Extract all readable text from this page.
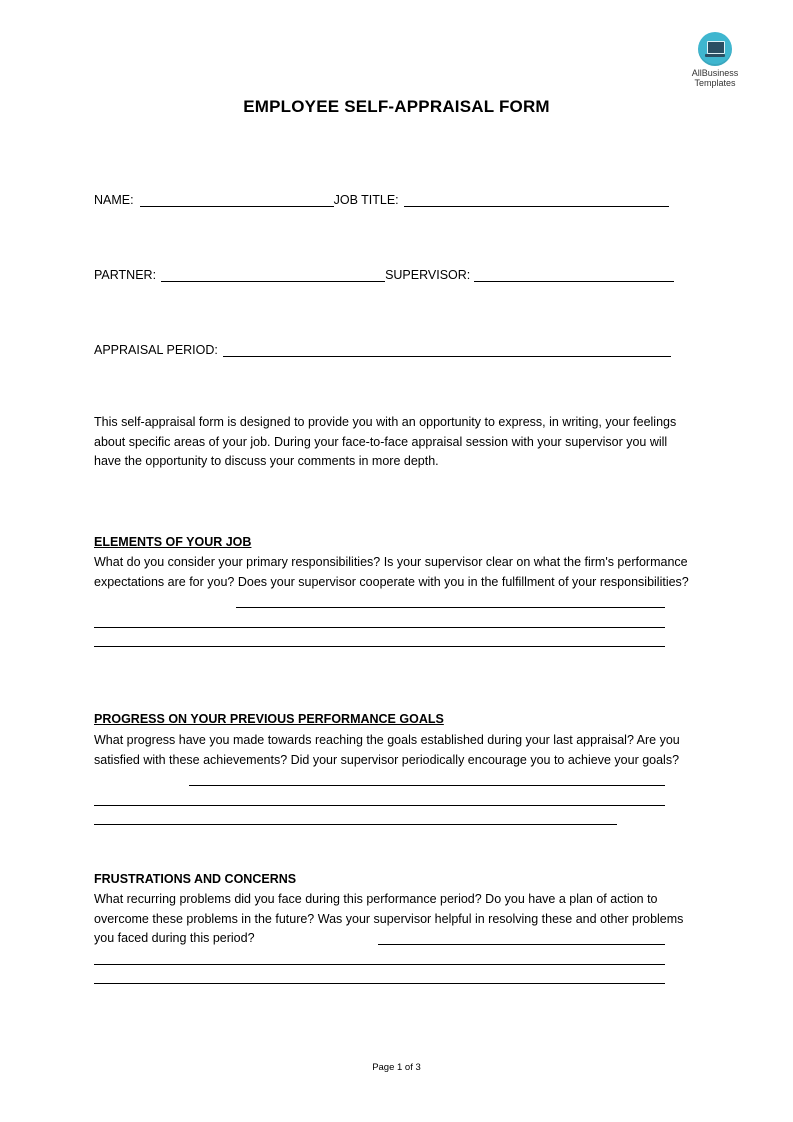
AllBusiness
Templates
EMPLOYEE SELF-APPRAISAL FORM
NAME:	JOB TITLE:
PARTNER:	SUPERVISOR:
APPRAISAL PERIOD:
This self-appraisal form is designed to provide you with an opportunity to express, in writing, your feelings about specific areas of your job. During your face-to-face appraisal session with your supervisor you will have the opportunity to discuss your comments in more depth.
ELEMENTS OF YOUR JOB
What do you consider your primary responsibilities? Is your supervisor clear on what the firm's performance expectations are for you? Does your supervisor cooperate with you in the fulfillment of your responsibilities?
PROGRESS ON YOUR PREVIOUS PERFORMANCE GOALS
What progress have you made towards reaching the goals established during your last appraisal? Are you satisfied with these achievements? Did your supervisor periodically encourage you to achieve your goals?
FRUSTRATIONS AND CONCERNS
What recurring problems did you face during this performance period? Do you have a plan of action to overcome these problems in the future? Was your supervisor helpful in resolving these and other problems you faced during this period?
Page 1 of 3
